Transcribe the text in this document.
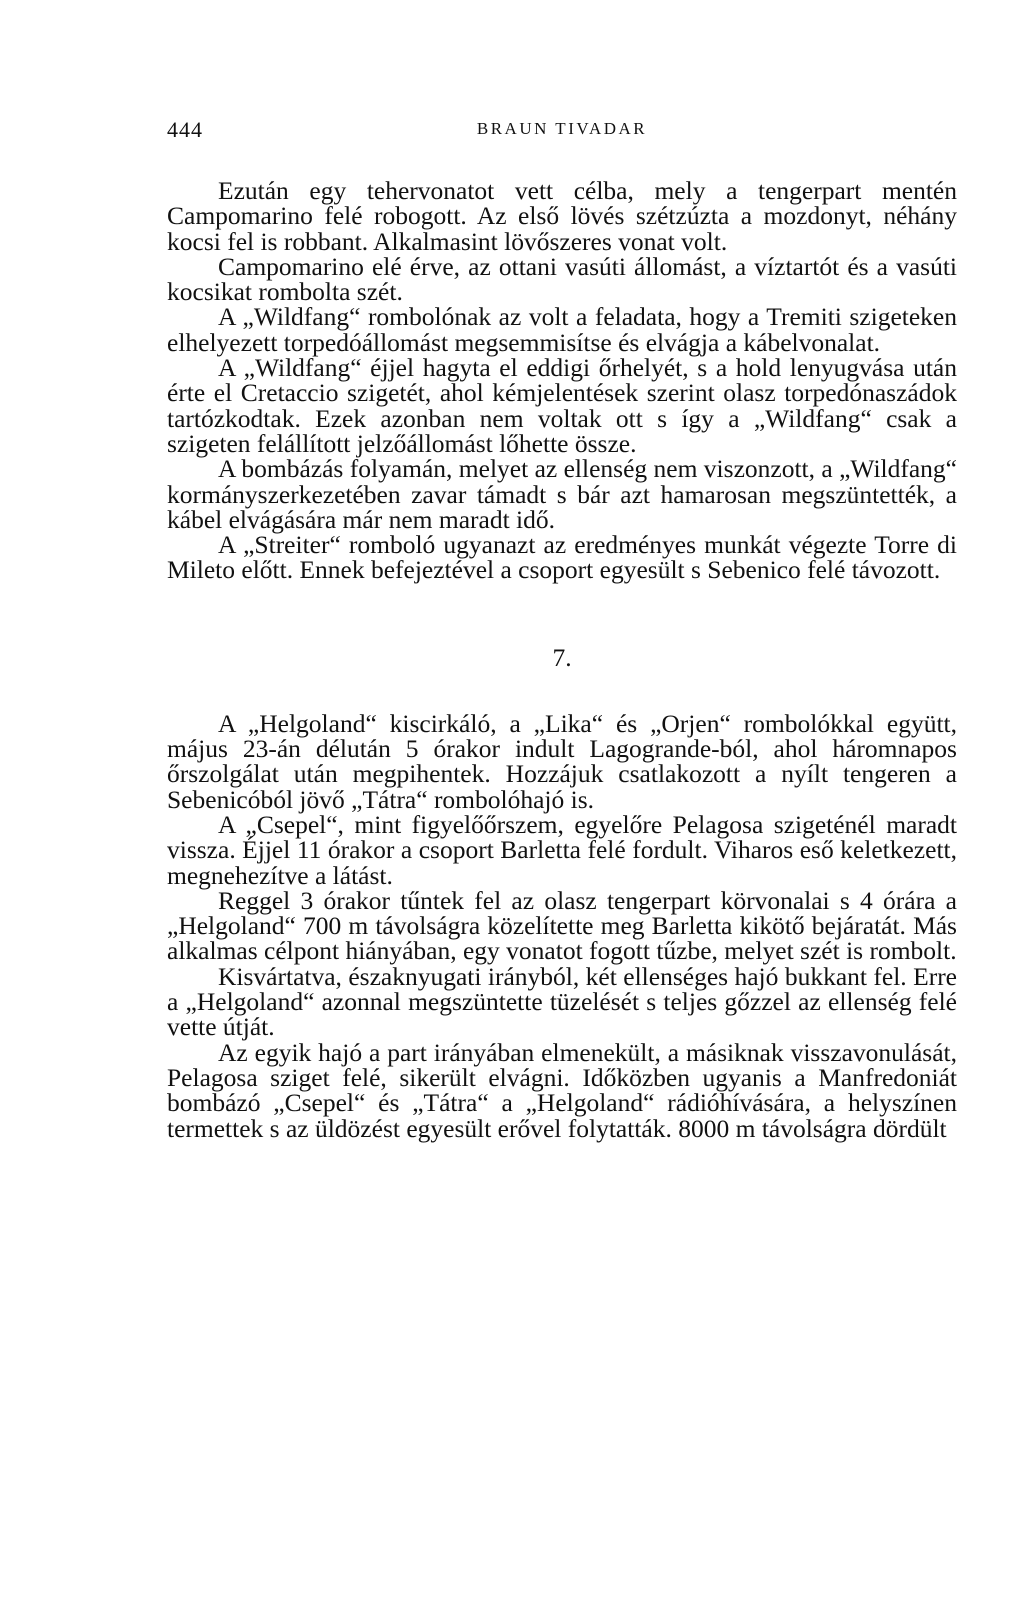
444	BRAUN TIVADAR

Ezután egy tehervonatot vett célba, mely a tengerpart mentén Campomarino felé robogott. Az első lövés szétzúzta a mozdonyt, néhány kocsi fel is robbant. Alkalmasint lövőszeres vonat volt.

Campomarino elé érve, az ottani vasúti állomást, a víztartót és a vasúti kocsikat rombolta szét.

A „Wildfang“ rombolónak az volt a feladata, hogy a Tremiti szigeteken elhelyezett torpedóállomást megsemmisítse és elvágja a kábelvonalat.

A „Wildfang“ éjjel hagyta el eddigi őrhelyét, s a hold lenyugvása után érte el Cretaccio szigetét, ahol kémjelentések szerint olasz torpedónaszádok tartózkodtak. Ezek azonban nem voltak ott s így a „Wildfang“ csak a szigeten felállított jelzőállomást lőhette össze.

A bombázás folyamán, melyet az ellenség nem viszonzott, a „Wildfang“ kormányszerkezetében zavar támadt s bár azt hamarosan megszüntették, a kábel elvágására már nem maradt idő.

A „Streiter“ romboló ugyanazt az eredményes munkát végezte Torre di Mileto előtt. Ennek befejeztével a csoport egyesült s Sebenico felé távozott.

7.

A „Helgoland“ kiscirkáló, a „Lika“ és „Orjen“ rombolókkal együtt, május 23-án délután 5 órakor indult Lagogrande-ból, ahol háromnapos őrszolgálat után megpihentek. Hozzájuk csatlakozott a nyílt tengeren a Sebenicóból jövő „Tátra“ rombolóhajó is.

A „Csepel“, mint figyelőőrszem, egyelőre Pelagosa szigeténél maradt vissza. Éjjel 11 órakor a csoport Barletta felé fordult. Viharos eső keletkezett, megnehezítve a látást.

Reggel 3 órakor tűntek fel az olasz tengerpart körvonalai s 4 órára a „Helgoland“ 700 m távolságra közelítette meg Barletta kikötő bejáratát. Más alkalmas célpont hiányában, egy vonatot fogott tűzbe, melyet szét is rombolt.

Kisvártatva, északnyugati irányból, két ellenséges hajó bukkant fel. Erre a „Helgoland“ azonnal megszüntette tüzelését s teljes gőzzel az ellenség felé vette útját.

Az egyik hajó a part irányában elmenekült, a másiknak visszavonulását, Pelagosa sziget felé, sikerült elvágni. Időközben ugyanis a Manfredoniát bombázó „Csepel“ és „Tátra“ a „Helgoland“ rádióhívására, a helyszínen termettek s az üldözést egyesült erővel folytatták. 8000 m távolságra dördült
